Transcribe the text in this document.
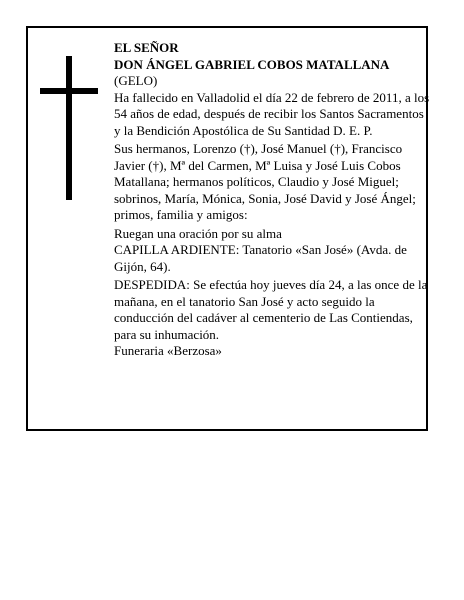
EL SEÑOR

DON ÁNGEL GABRIEL COBOS MATALLANA

(GELO)

Ha fallecido en Valladolid el día 22 de febrero de 2011, a los 54 años de edad, después de recibir los Santos Sacramentos y la Bendición Apostólica de Su Santidad D. E. P.

Sus hermanos, Lorenzo (†), José Manuel (†), Francisco Javier (†), Mª del Carmen, Mª Luisa y José Luis Cobos Matallana; hermanos políticos, Claudio y José Miguel; sobrinos, María, Mónica, Sonia, José David y José Ángel; primos, familia y amigos:

Ruegan una oración por su alma

CAPILLA ARDIENTE: Tanatorio «San José» (Avda. de Gijón, 64).

DESPEDIDA: Se efectúa hoy jueves día 24, a las once de la mañana, en el tanatorio San José y acto seguido la conducción del cadáver al cementerio de Las Contiendas, para su inhumación.

Funeraria «Berzosa»
